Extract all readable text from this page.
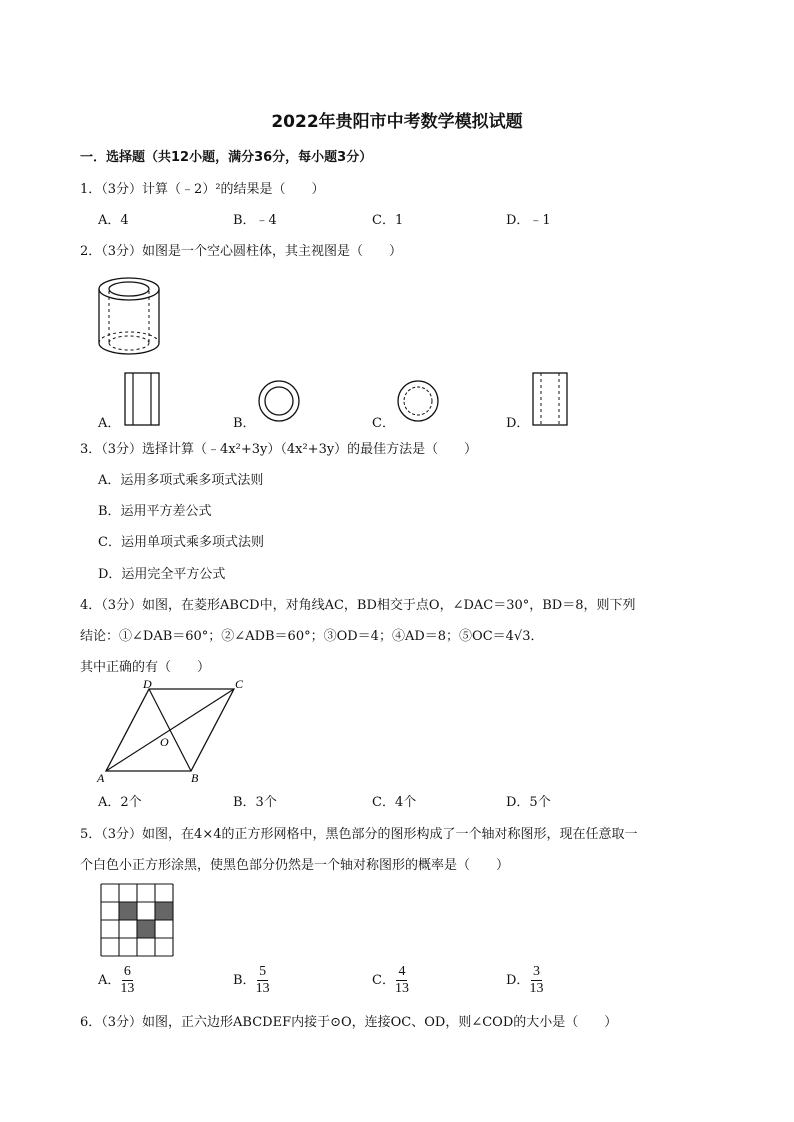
2022年贵阳市中考数学模拟试题
一．选择题（共12小题，满分36分，每小题3分）
1．（3分）计算（﹣2）²的结果是（　　）
A．4	B．﹣4	C．1	D．﹣1
2．（3分）如图是一个空心圆柱体，其主视图是（　　）
A．	B．	C．	D．
3．（3分）选择计算（﹣4x²+3y）（4x²+3y）的最佳方法是（　　）
A．运用多项式乘多项式法则
B．运用平方差公式
C．运用单项式乘多项式法则
D．运用完全平方公式
4．（3分）如图，在菱形ABCD中，对角线AC，BD相交于点O，∠DAC＝30°，BD＝8，则下列
结论：①∠DAB＝60°；②∠ADB＝60°；③OD＝4；④AD＝8；⑤OC＝4√3．
其中正确的有（　　）
D	C
O
A	B
A．2个	B．3个	C．4个	D．5个
5．（3分）如图，在4×4的正方形网格中，黑色部分的图形构成了一个轴对称图形，现在任意取一
个白色小正方形涂黑，使黑色部分仍然是一个轴对称图形的概率是（　　）
A． $\frac{6}{13}$	B． $\frac{5}{13}$	C． $\frac{4}{13}$	D． $\frac{3}{13}$
6．（3分）如图，正六边形ABCDEF内接于⊙O，连接OC、OD，则∠COD的大小是（　　）
